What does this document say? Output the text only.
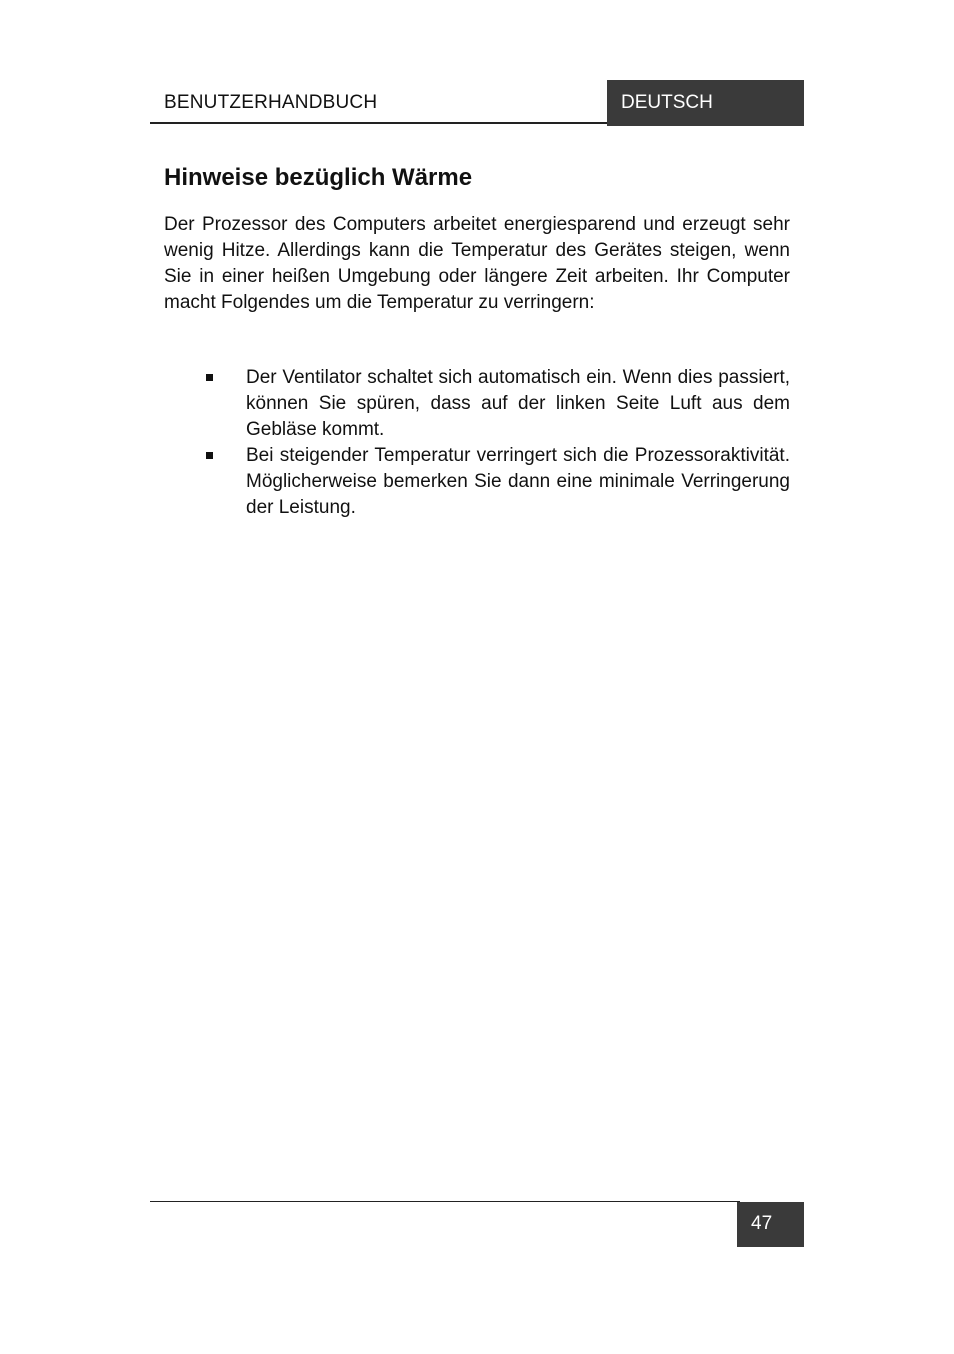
BENUTZERHANDBUCH	DEUTSCH
Hinweise bezüglich Wärme

Der Prozessor des Computers arbeitet energiesparend und erzeugt sehr wenig Hitze. Allerdings kann die Temperatur des Gerätes steigen, wenn Sie in einer heißen Umgebung oder längere Zeit arbeiten. Ihr Computer macht Folgendes um die Temperatur zu verringern:

Der Ventilator schaltet sich automatisch ein. Wenn dies passiert, können Sie spüren, dass auf der linken Seite Luft aus dem Gebläse kommt.
Bei steigender Temperatur verringert sich die Prozessoraktivität. Möglicherweise bemerken Sie dann eine minimale Verringerung der Leistung.
47
